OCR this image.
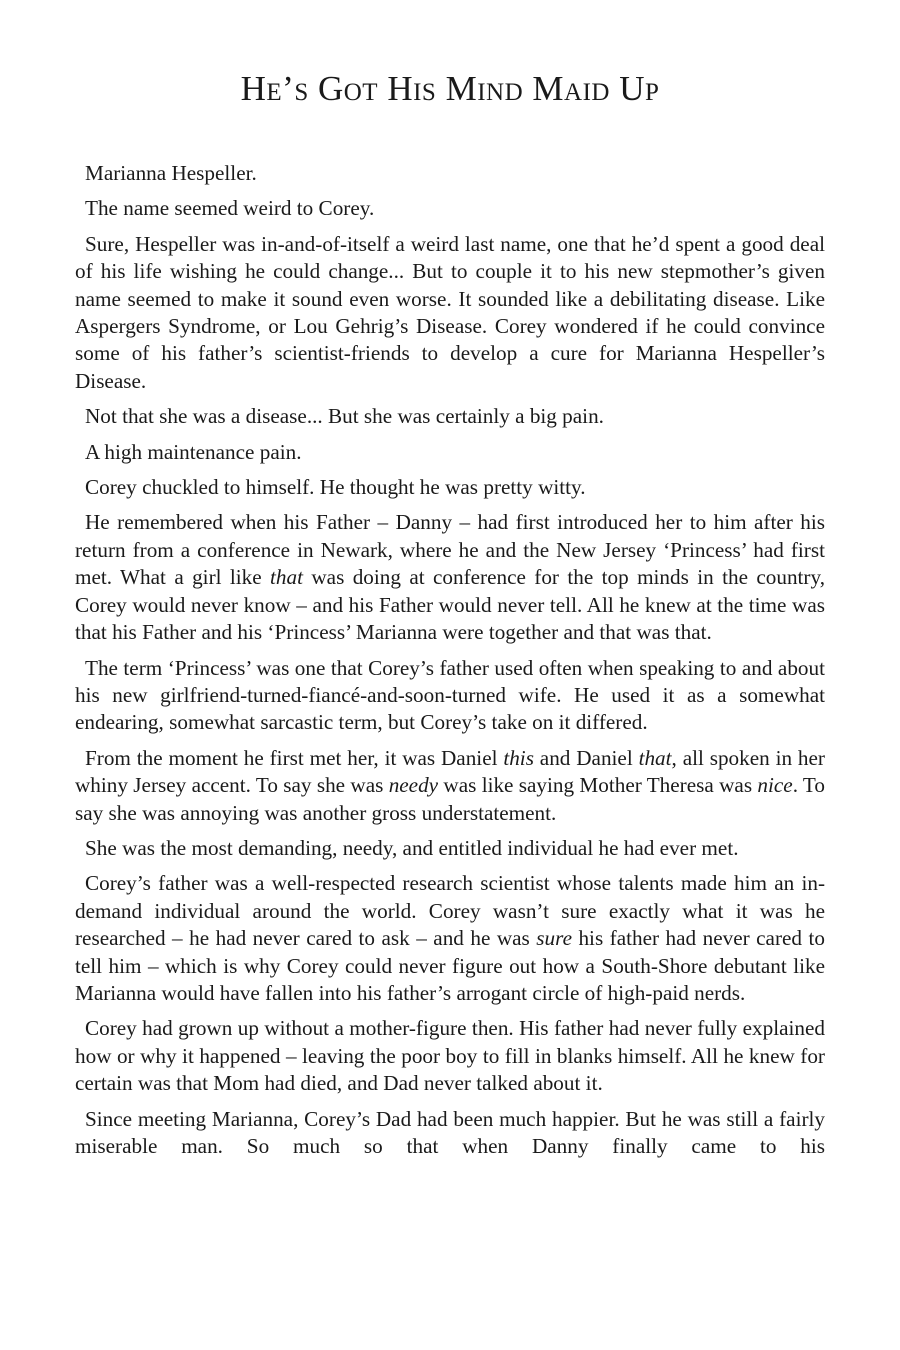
He’s Got His Mind Maid Up

Marianna Hespeller.

The name seemed weird to Corey.

Sure, Hespeller was in-and-of-itself a weird last name, one that he’d spent a good deal of his life wishing he could change... But to couple it to his new stepmother’s given name seemed to make it sound even worse. It sounded like a debilitating disease. Like Aspergers Syndrome, or Lou Gehrig’s Disease. Corey wondered if he could convince some of his father’s scientist-friends to develop a cure for Marianna Hespeller’s Disease.

Not that she was a disease... But she was certainly a big pain.

A high maintenance pain.

Corey chuckled to himself. He thought he was pretty witty.

He remembered when his Father – Danny – had first introduced her to him after his return from a conference in Newark, where he and the New Jersey ‘Princess’ had first met. What a girl like that was doing at conference for the top minds in the country, Corey would never know – and his Father would never tell. All he knew at the time was that his Father and his ‘Princess’ Marianna were together and that was that.

The term ‘Princess’ was one that Corey’s father used often when speaking to and about his new girlfriend-turned-fiancé-and-soon-turned wife. He used it as a somewhat endearing, somewhat sarcastic term, but Corey’s take on it differed.

From the moment he first met her, it was Daniel this and Daniel that, all spoken in her whiny Jersey accent. To say she was needy was like saying Mother Theresa was nice. To say she was annoying was another gross understatement.

She was the most demanding, needy, and entitled individual he had ever met.

Corey’s father was a well-respected research scientist whose talents made him an in-demand individual around the world. Corey wasn’t sure exactly what it was he researched – he had never cared to ask – and he was sure his father had never cared to tell him – which is why Corey could never figure out how a South-Shore debutant like Marianna would have fallen into his father’s arrogant circle of high-paid nerds.

Corey had grown up without a mother-figure then. His father had never fully explained how or why it happened – leaving the poor boy to fill in blanks himself. All he knew for certain was that Mom had died, and Dad never talked about it.

Since meeting Marianna, Corey’s Dad had been much happier. But he was still a fairly miserable man. So much so that when Danny finally came to his
